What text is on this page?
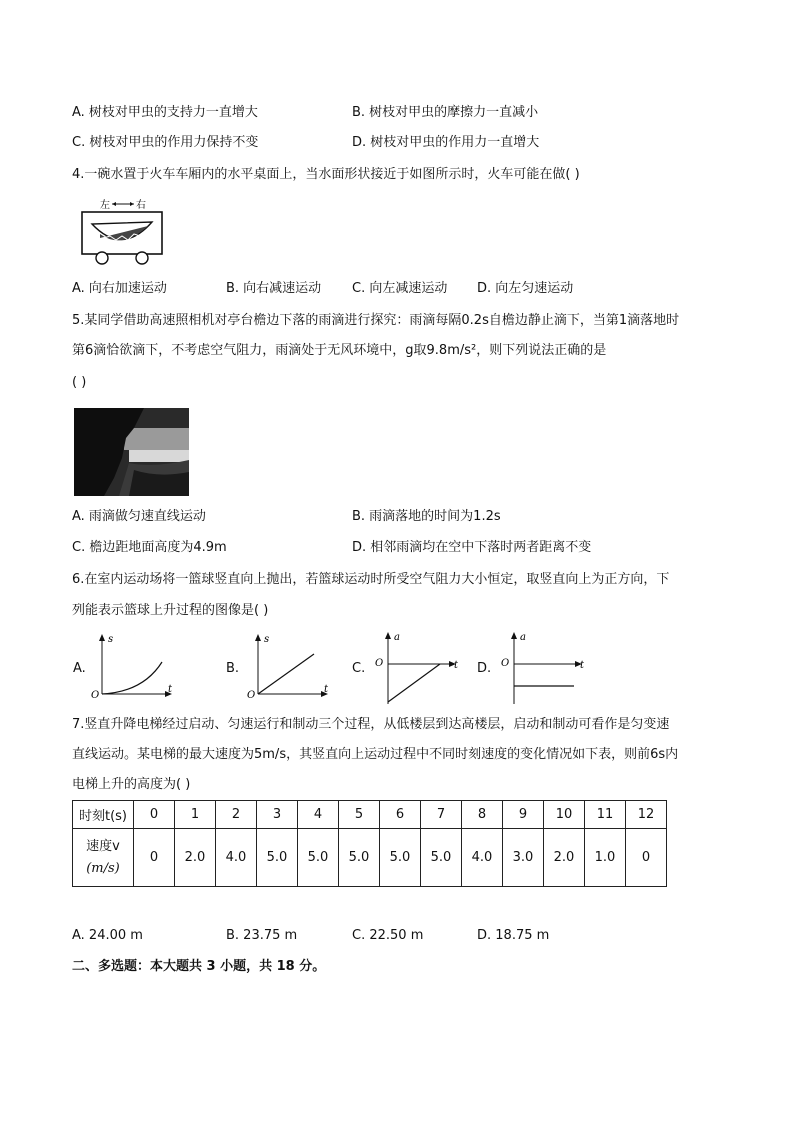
A. 树枝对甲虫的支持力一直增大	B. 树枝对甲虫的摩擦力一直减小
C. 树枝对甲虫的作用力保持不变	D. 树枝对甲虫的作用力一直增大
4.一碗水置于火车车厢内的水平桌面上，当水面形状接近于如图所示时，火车可能在做( )
左	右
A. 向右加速运动	B. 向右减速运动 C. 向左减速运动 D. 向左匀速运动
5.某同学借助高速照相机对亭台檐边下落的雨滴进行探究：雨滴每隔0.2s自檐边静止滴下，当第1滴落地时
第6滴恰欲滴下，不考虑空气阻力，雨滴处于无风环境中，g取9.8m/s²，则下列说法正确的是
( )
A. 雨滴做匀速直线运动	B. 雨滴落地的时间为1.2s
C. 檐边距地面高度为4.9m	D. 相邻雨滴均在空中下落时两者距离不变
6.在室内运动场将一篮球竖直向上抛出，若篮球运动时所受空气阻力大小恒定，取竖直向上为正方向，下
列能表示篮球上升过程的图像是( )
A.
s
O
t
B.
s
O
t
C.
a
O	t D.
a
O	t
7.竖直升降电梯经过启动、匀速运行和制动三个过程，从低楼层到达高楼层，启动和制动可看作是匀变速
直线运动。某电梯的最大速度为5m/s，其竖直向上运动过程中不同时刻速度的变化情况如下表，则前6s内
电梯上升的高度为( )
时刻t(s)	0	1	2	3	4	5	6	7	8	9	10	11	12

速度v
(m/s)	0	2.0	4.0	5.0	5.0	5.0	5.0	5.0	4.0	3.0	2.0	1.0	0
A. 24.00 m	B. 23.75 m	C. 22.50 m	D. 18.75 m
二、多选题：本大题共 3 小题，共 18 分。
